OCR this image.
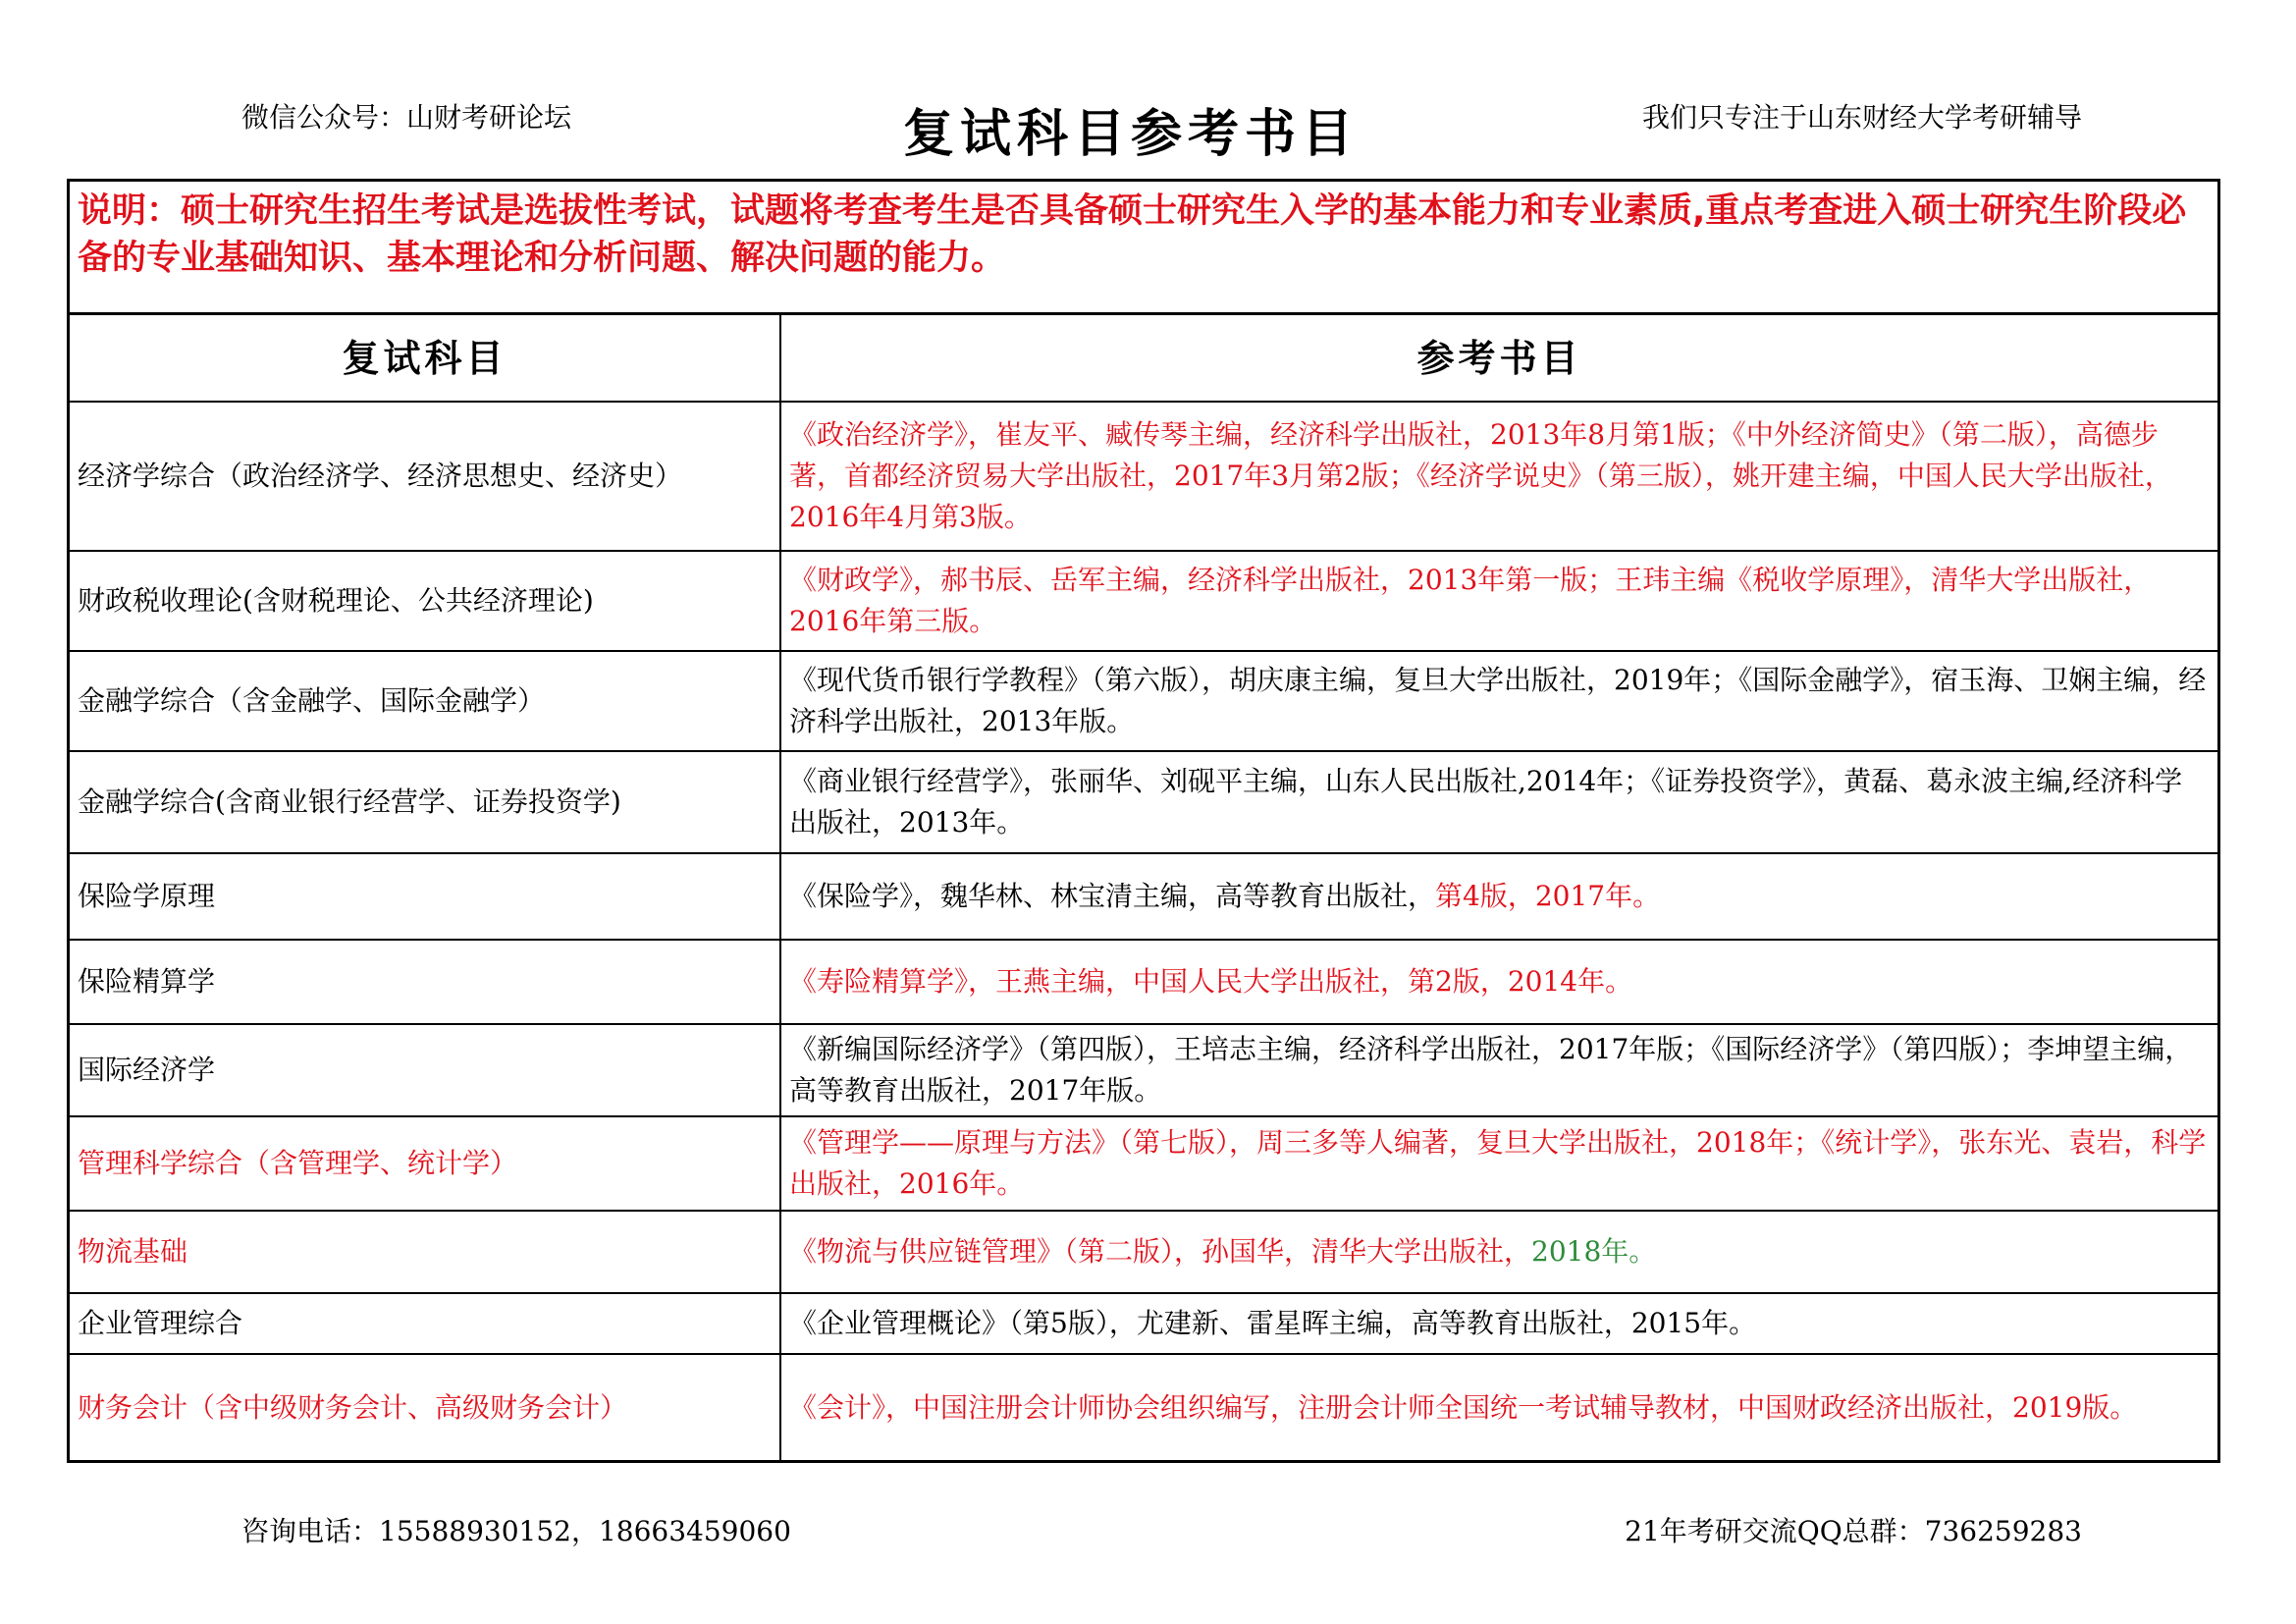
微信公众号：山财考研论坛	复试科目参考书目	我们只专注于山东财经大学考研辅导
说明：硕士研究生招生考试是选拔性考试，试题将考查考生是否具备硕士研究生入学的基本能力和专业素质,重点考查进入硕士研究生阶段必备的专业基础知识、基本理论和分析问题、解决问题的能力。
复试科目	参考书目
经济学综合（政治经济学、经济思想史、经济史）	《政治经济学》，崔友平、臧传琴主编，经济科学出版社，2013年8月第1版；《中外经济简史》（第二版），高德步著，首都经济贸易大学出版社，2017年3月第2版；《经济学说史》（第三版），姚开建主编，中国人民大学出版社，2016年4月第3版。
财政税收理论(含财税理论、公共经济理论)	《财政学》，郝书辰、岳军主编，经济科学出版社，2013年第一版；王玮主编《税收学原理》，清华大学出版社，2016年第三版。
金融学综合（含金融学、国际金融学）	《现代货币银行学教程》（第六版），胡庆康主编，复旦大学出版社，2019年；《国际金融学》，宿玉海、卫娴主编，经济科学出版社，2013年版。
金融学综合(含商业银行经营学、证券投资学)	《商业银行经营学》，张丽华、刘砚平主编，山东人民出版社,2014年；《证券投资学》，黄磊、葛永波主编,经济科学出版社，2013年。
保险学原理	《保险学》，魏华林、林宝清主编，高等教育出版社，第4版，2017年。
保险精算学	《寿险精算学》，王燕主编，中国人民大学出版社，第2版，2014年。
国际经济学	《新编国际经济学》（第四版），王培志主编，经济科学出版社，2017年版；《国际经济学》（第四版）；李坤望主编，高等教育出版社，2017年版。
管理科学综合（含管理学、统计学）	《管理学——原理与方法》（第七版），周三多等人编著，复旦大学出版社，2018年；《统计学》，张东光、袁岩，科学出版社，2016年。
物流基础	《物流与供应链管理》（第二版），孙国华，清华大学出版社，2018年。
企业管理综合	《企业管理概论》（第5版），尤建新、雷星晖主编，高等教育出版社，2015年。
财务会计（含中级财务会计、高级财务会计）	《会计》，中国注册会计师协会组织编写，注册会计师全国统一考试辅导教材，中国财政经济出版社，2019版。
咨询电话：15588930152，18663459060	21年考研交流QQ总群：736259283
